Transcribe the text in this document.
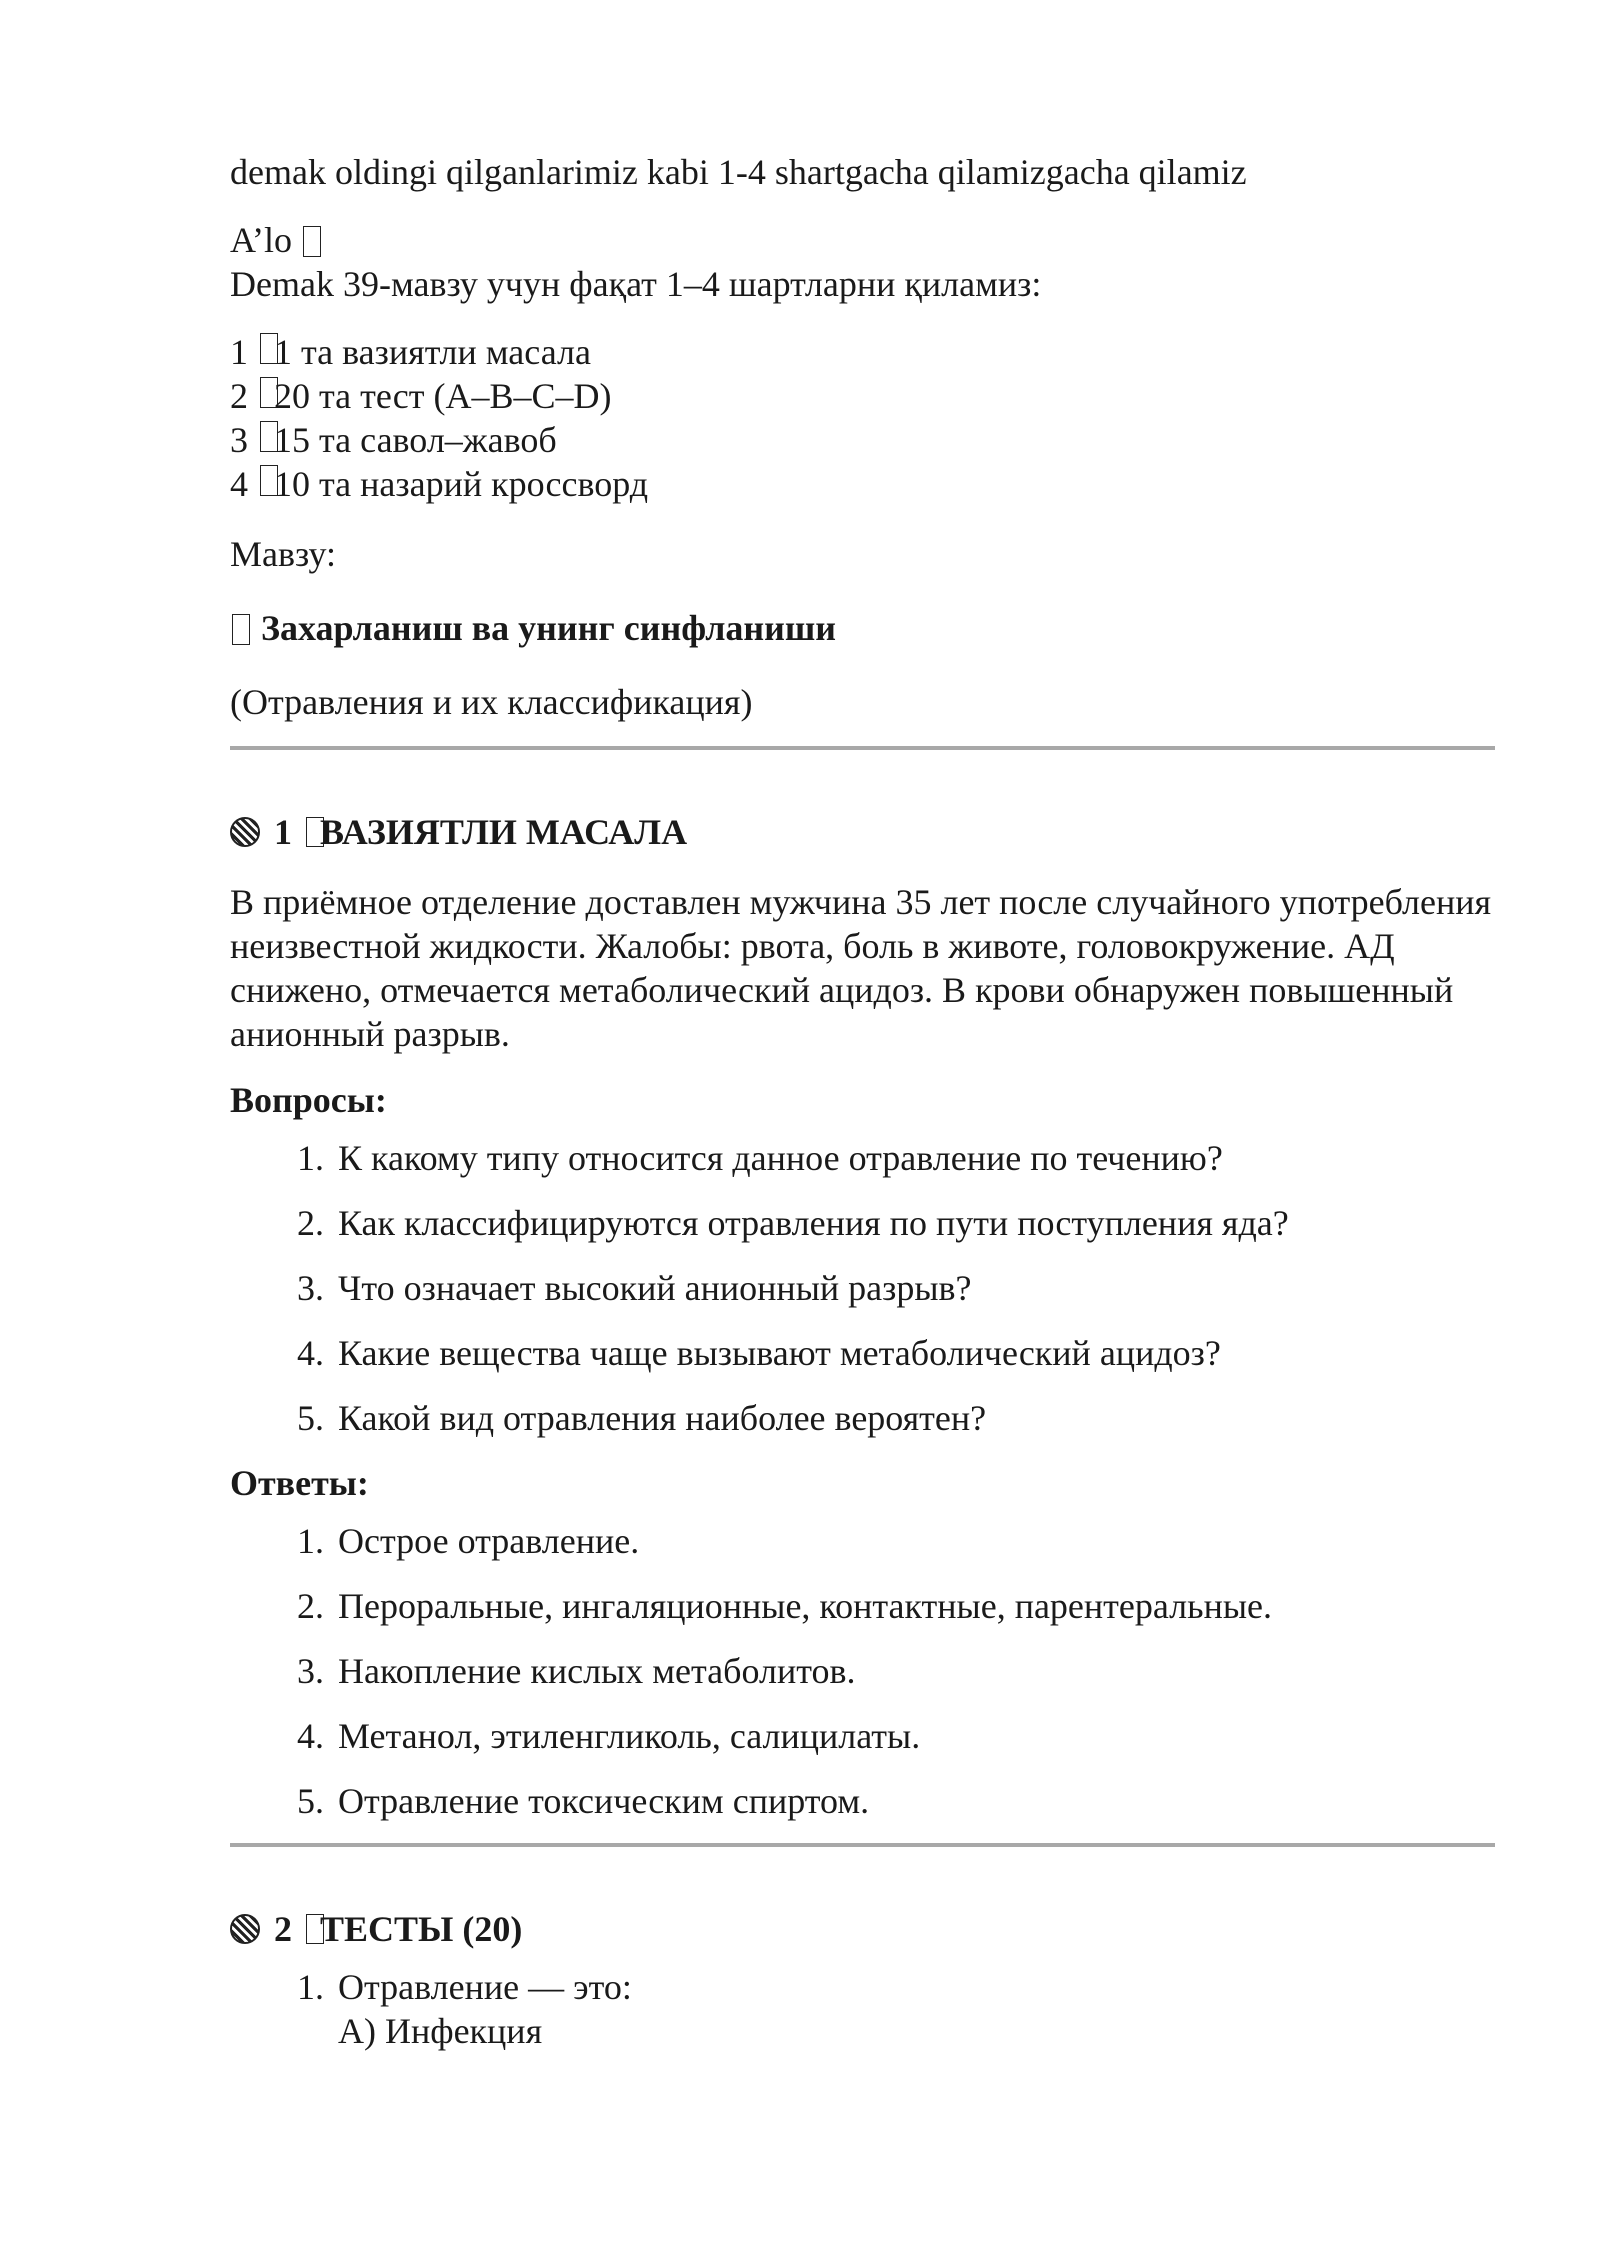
demak oldingi qilganlarimiz kabi 1-4 shartgacha qilamizgacha qilamiz

A’lo

Demak 39-мавзу учун фақат 1–4 шартларни қиламиз:

1 1 та вазиятли масала
2 20 та тест (A–B–C–D)
3 15 та савол–жавоб
4 10 та назарий кроссворд

Мавзу:

Захарланиш ва унинг синфланиши

(Отравления и их классификация)

1 ВАЗИЯТЛИ МАСАЛА

В приёмное отделение доставлен мужчина 35 лет после случайного употребления неизвестной жидкости. Жалобы: рвота, боль в животе, головокружение. АД снижено, отмечается метаболический ацидоз. В крови обнаружен повышенный анионный разрыв.

Вопросы:

1. К какому типу относится данное отравление по течению?
2. Как классифицируются отравления по пути поступления яда?
3. Что означает высокий анионный разрыв?
4. Какие вещества чаще вызывают метаболический ацидоз?
5. Какой вид отравления наиболее вероятен?

Ответы:

1. Острое отравление.
2. Пероральные, ингаляционные, контактные, парентеральные.
3. Накопление кислых метаболитов.
4. Метанол, этиленгликоль, салицилаты.
5. Отравление токсическим спиртом.
2 ТЕСТЫ (20)
1. Отравление — это:
A) Инфекция
